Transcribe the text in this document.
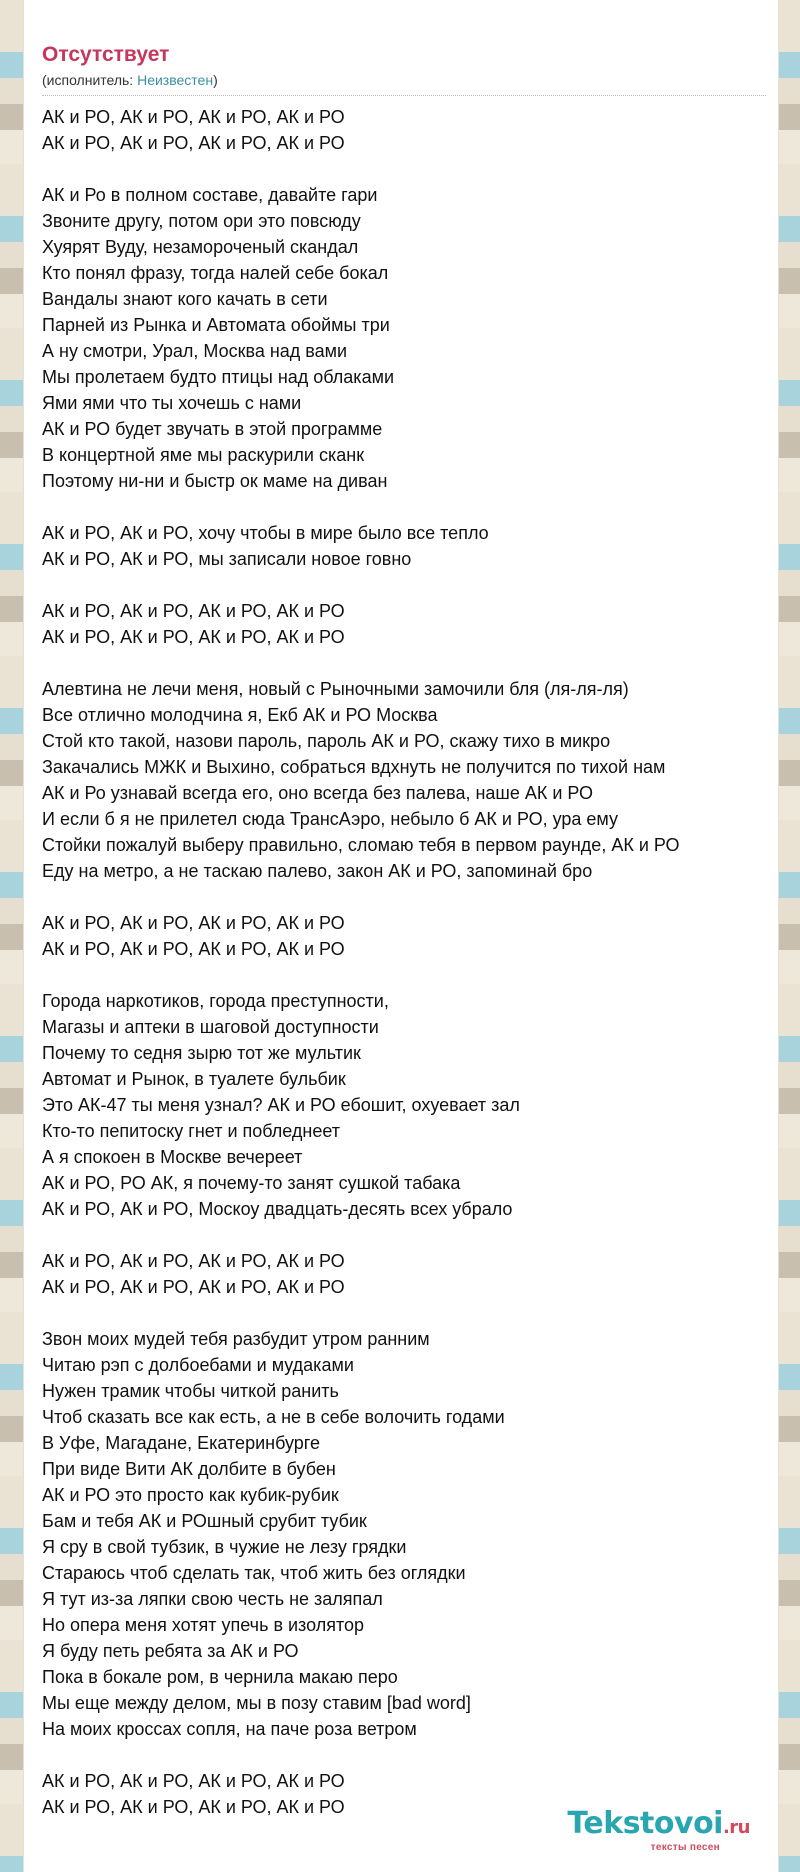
Отсутствует
(исполнитель: Неизвестен)
АК и РО, АК и РО, АК и РО, АК и РО
АК и РО, АК и РО, АК и РО, АК и РО
АК и Ро в полном составе, давайте гари
Звоните другу, потом ори это повсюду
Хуярят Вуду, незамороченый скандал
Кто понял фразу, тогда налей себе бокал
Вандалы знают кого качать в сети
Парней из Рынка и Автомата обоймы три
А ну смотри, Урал, Москва над вами
Мы пролетаем будто птицы над облаками
Ями ями что ты хочешь с нами
АК и РО будет звучать в этой программе
В концертной яме мы раскурили сканк
Поэтому ни-ни и быстр ок маме на диван
АК и РО, АК и РО, хочу чтобы в мире было все тепло
АК и РО, АК и РО, мы записали новое говно
АК и РО, АК и РО, АК и РО, АК и РО
АК и РО, АК и РО, АК и РО, АК и РО
Алевтина не лечи меня, новый с Рыночными замочили бля (ля-ля-ля)
Все отлично молодчина я, Екб АК и РО Москва
Стой кто такой, назови пароль, пароль АК и РО, скажу тихо в микро
Закачались МЖК и Выхино, собраться вдхнуть не получится по тихой нам
АК и Ро узнавай всегда его, оно всегда без палева, наше АК и РО
И если б я не прилетел сюда ТрансАэро, небыло б АК и РО, ура ему
Стойки пожалуй выберу правильно, сломаю тебя в первом раунде, АК и РО
Еду на метро, а не таскаю палево, закон АК и РО, запоминай бро
АК и РО, АК и РО, АК и РО, АК и РО
АК и РО, АК и РО, АК и РО, АК и РО
Города наркотиков, города преступности,
Магазы и аптеки в шаговой доступности
Почему то седня зырю тот же мультик
Автомат и Рынок, в туалете бульбик
Это АК-47 ты меня узнал? АК и РО ебошит, охуевает зал
Кто-то пепитоску гнет и побледнеет
А я спокоен в Москве вечереет
АК и РО, РО АК, я почему-то занят сушкой табака
АК и РО, АК и РО, Москоу двадцать-десять всех убрало
АК и РО, АК и РО, АК и РО, АК и РО
АК и РО, АК и РО, АК и РО, АК и РО
Звон моих мудей тебя разбудит утром ранним
Читаю рэп с долбоебами и мудаками
Нужен трамик чтобы читкой ранить
Чтоб сказать все как есть, а не в себе волочить годами
В Уфе, Магадане, Екатеринбурге
При виде Вити АК долбите в бубен
АК и РО это просто как кубик-рубик
Бам и тебя АК и РОшный срубит тубик
Я сру в свой тубзик, в чужие не лезу грядки
Стараюсь чтоб сделать так, чтоб жить без оглядки
Я тут из-за ляпки свою честь не заляпал
Но опера меня хотят упечь в изолятор
Я буду петь ребята за АК и РО
Пока в бокале ром, в чернила макаю перо
Мы еще между делом, мы в позу ставим [bad word]
На моих кроссах сопля, на паче роза ветром
АК и РО, АК и РО, АК и РО, АК и РО
АК и РО, АК и РО, АК и РО, АК и РО	Tekstovoi.ru
тексты песен
